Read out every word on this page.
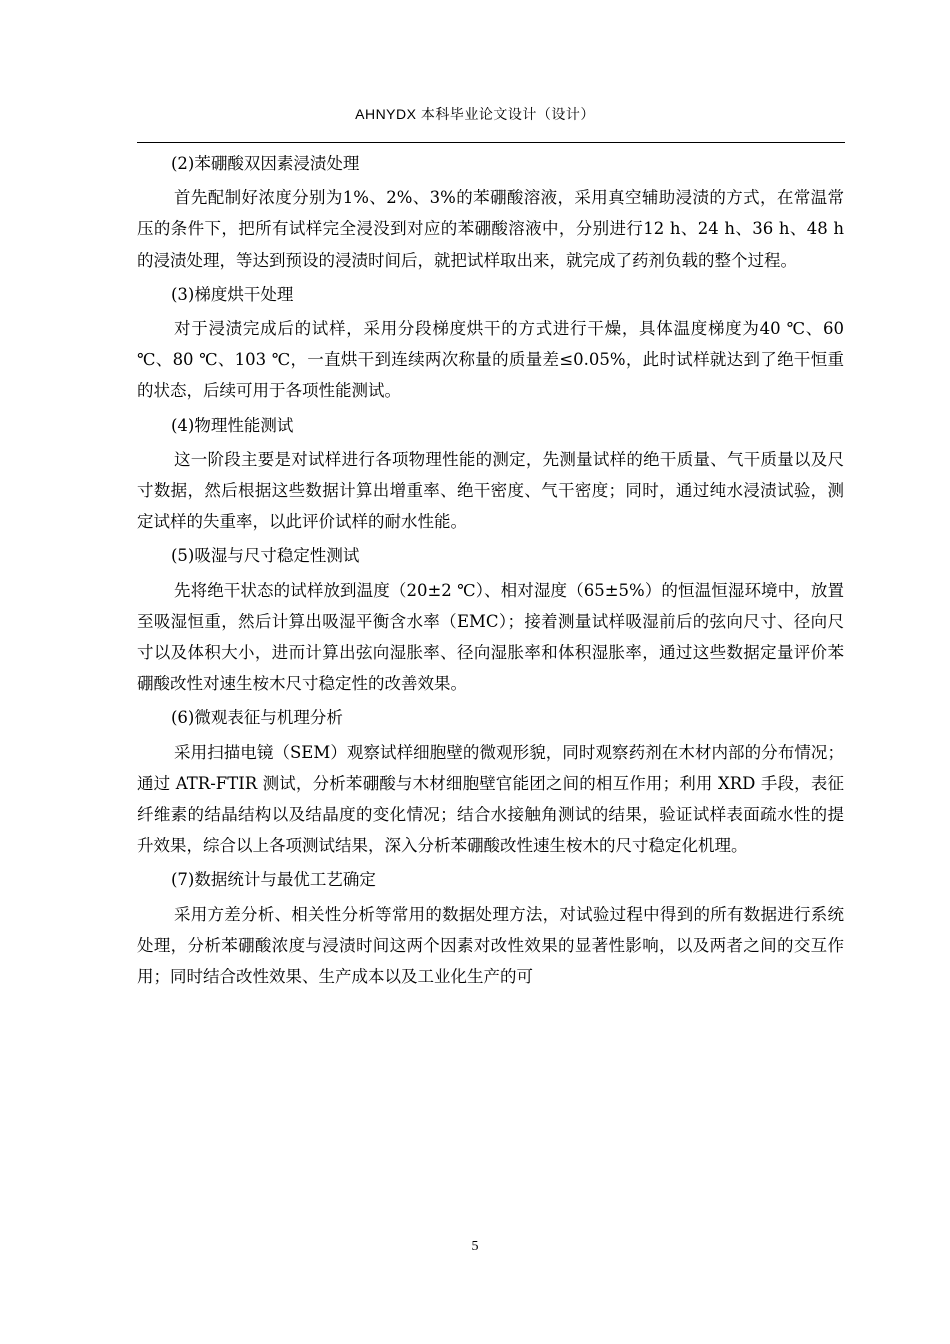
AHNYDX 本科毕业论文设计（设计）

(2)苯硼酸双因素浸渍处理

首先配制好浓度分别为1%、2%、3%的苯硼酸溶液，采用真空辅助浸渍的方式，在常温常压的条件下，把所有试样完全浸没到对应的苯硼酸溶液中，分别进行12 h、24 h、36 h、48 h的浸渍处理，等达到预设的浸渍时间后，就把试样取出来，就完成了药剂负载的整个过程。

(3)梯度烘干处理

对于浸渍完成后的试样，采用分段梯度烘干的方式进行干燥，具体温度梯度为40 ℃、60 ℃、80 ℃、103 ℃，一直烘干到连续两次称量的质量差≤0.05%，此时试样就达到了绝干恒重的状态，后续可用于各项性能测试。

(4)物理性能测试

这一阶段主要是对试样进行各项物理性能的测定，先测量试样的绝干质量、气干质量以及尺寸数据，然后根据这些数据计算出增重率、绝干密度、气干密度；同时，通过纯水浸渍试验，测定试样的失重率，以此评价试样的耐水性能。

(5)吸湿与尺寸稳定性测试

先将绝干状态的试样放到温度（20±2 ℃）、相对湿度（65±5%）的恒温恒湿环境中，放置至吸湿恒重，然后计算出吸湿平衡含水率（EMC）；接着测量试样吸湿前后的弦向尺寸、径向尺寸以及体积大小，进而计算出弦向湿胀率、径向湿胀率和体积湿胀率，通过这些数据定量评价苯硼酸改性对速生桉木尺寸稳定性的改善效果。

(6)微观表征与机理分析

采用扫描电镜（SEM）观察试样细胞壁的微观形貌，同时观察药剂在木材内部的分布情况；通过 ATR-FTIR 测试，分析苯硼酸与木材细胞壁官能团之间的相互作用；利用 XRD 手段，表征纤维素的结晶结构以及结晶度的变化情况；结合水接触角测试的结果，验证试样表面疏水性的提升效果，综合以上各项测试结果，深入分析苯硼酸改性速生桉木的尺寸稳定化机理。

(7)数据统计与最优工艺确定

采用方差分析、相关性分析等常用的数据处理方法，对试验过程中得到的所有数据进行系统处理，分析苯硼酸浓度与浸渍时间这两个因素对改性效果的显著性影响，以及两者之间的交互作用；同时结合改性效果、生产成本以及工业化生产的可

5
